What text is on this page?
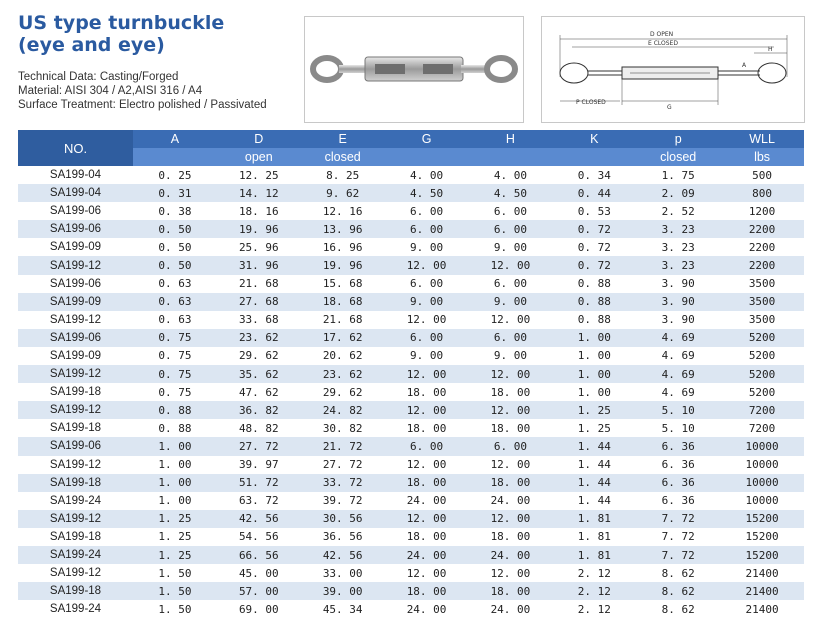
US type turnbuckle
(eye and eye)
Technical Data: Casting/Forged
Material: AISI 304 / A2,AISI 316 / A4
Surface Treatment: Electro polished / Passivated
D OPEN
E CLOSED
H
A
P CLOSED
G
NO.	A	D	E	G	H	K	p	WLL
		open	closed				closed	lbs
SA199-04	0. 25	12. 25	8. 25	4. 00	4. 00	0. 34	1. 75	500
SA199-04	0. 31	14. 12	9. 62	4. 50	4. 50	0. 44	2. 09	800
SA199-06	0. 38	18. 16	12. 16	6. 00	6. 00	0. 53	2. 52	1200
SA199-06	0. 50	19. 96	13. 96	6. 00	6. 00	0. 72	3. 23	2200
SA199-09	0. 50	25. 96	16. 96	9. 00	9. 00	0. 72	3. 23	2200
SA199-12	0. 50	31. 96	19. 96	12. 00	12. 00	0. 72	3. 23	2200
SA199-06	0. 63	21. 68	15. 68	6. 00	6. 00	0. 88	3. 90	3500
SA199-09	0. 63	27. 68	18. 68	9. 00	9. 00	0. 88	3. 90	3500
SA199-12	0. 63	33. 68	21. 68	12. 00	12. 00	0. 88	3. 90	3500
SA199-06	0. 75	23. 62	17. 62	6. 00	6. 00	1. 00	4. 69	5200
SA199-09	0. 75	29. 62	20. 62	9. 00	9. 00	1. 00	4. 69	5200
SA199-12	0. 75	35. 62	23. 62	12. 00	12. 00	1. 00	4. 69	5200
SA199-18	0. 75	47. 62	29. 62	18. 00	18. 00	1. 00	4. 69	5200
SA199-12	0. 88	36. 82	24. 82	12. 00	12. 00	1. 25	5. 10	7200
SA199-18	0. 88	48. 82	30. 82	18. 00	18. 00	1. 25	5. 10	7200
SA199-06	1. 00	27. 72	21. 72	6. 00	6. 00	1. 44	6. 36	10000
SA199-12	1. 00	39. 97	27. 72	12. 00	12. 00	1. 44	6. 36	10000
SA199-18	1. 00	51. 72	33. 72	18. 00	18. 00	1. 44	6. 36	10000
SA199-24	1. 00	63. 72	39. 72	24. 00	24. 00	1. 44	6. 36	10000
SA199-12	1. 25	42. 56	30. 56	12. 00	12. 00	1. 81	7. 72	15200
SA199-18	1. 25	54. 56	36. 56	18. 00	18. 00	1. 81	7. 72	15200
SA199-24	1. 25	66. 56	42. 56	24. 00	24. 00	1. 81	7. 72	15200
SA199-12	1. 50	45. 00	33. 00	12. 00	12. 00	2. 12	8. 62	21400
SA199-18	1. 50	57. 00	39. 00	18. 00	18. 00	2. 12	8. 62	21400
SA199-24	1. 50	69. 00	45. 34	24. 00	24. 00	2. 12	8. 62	21400
